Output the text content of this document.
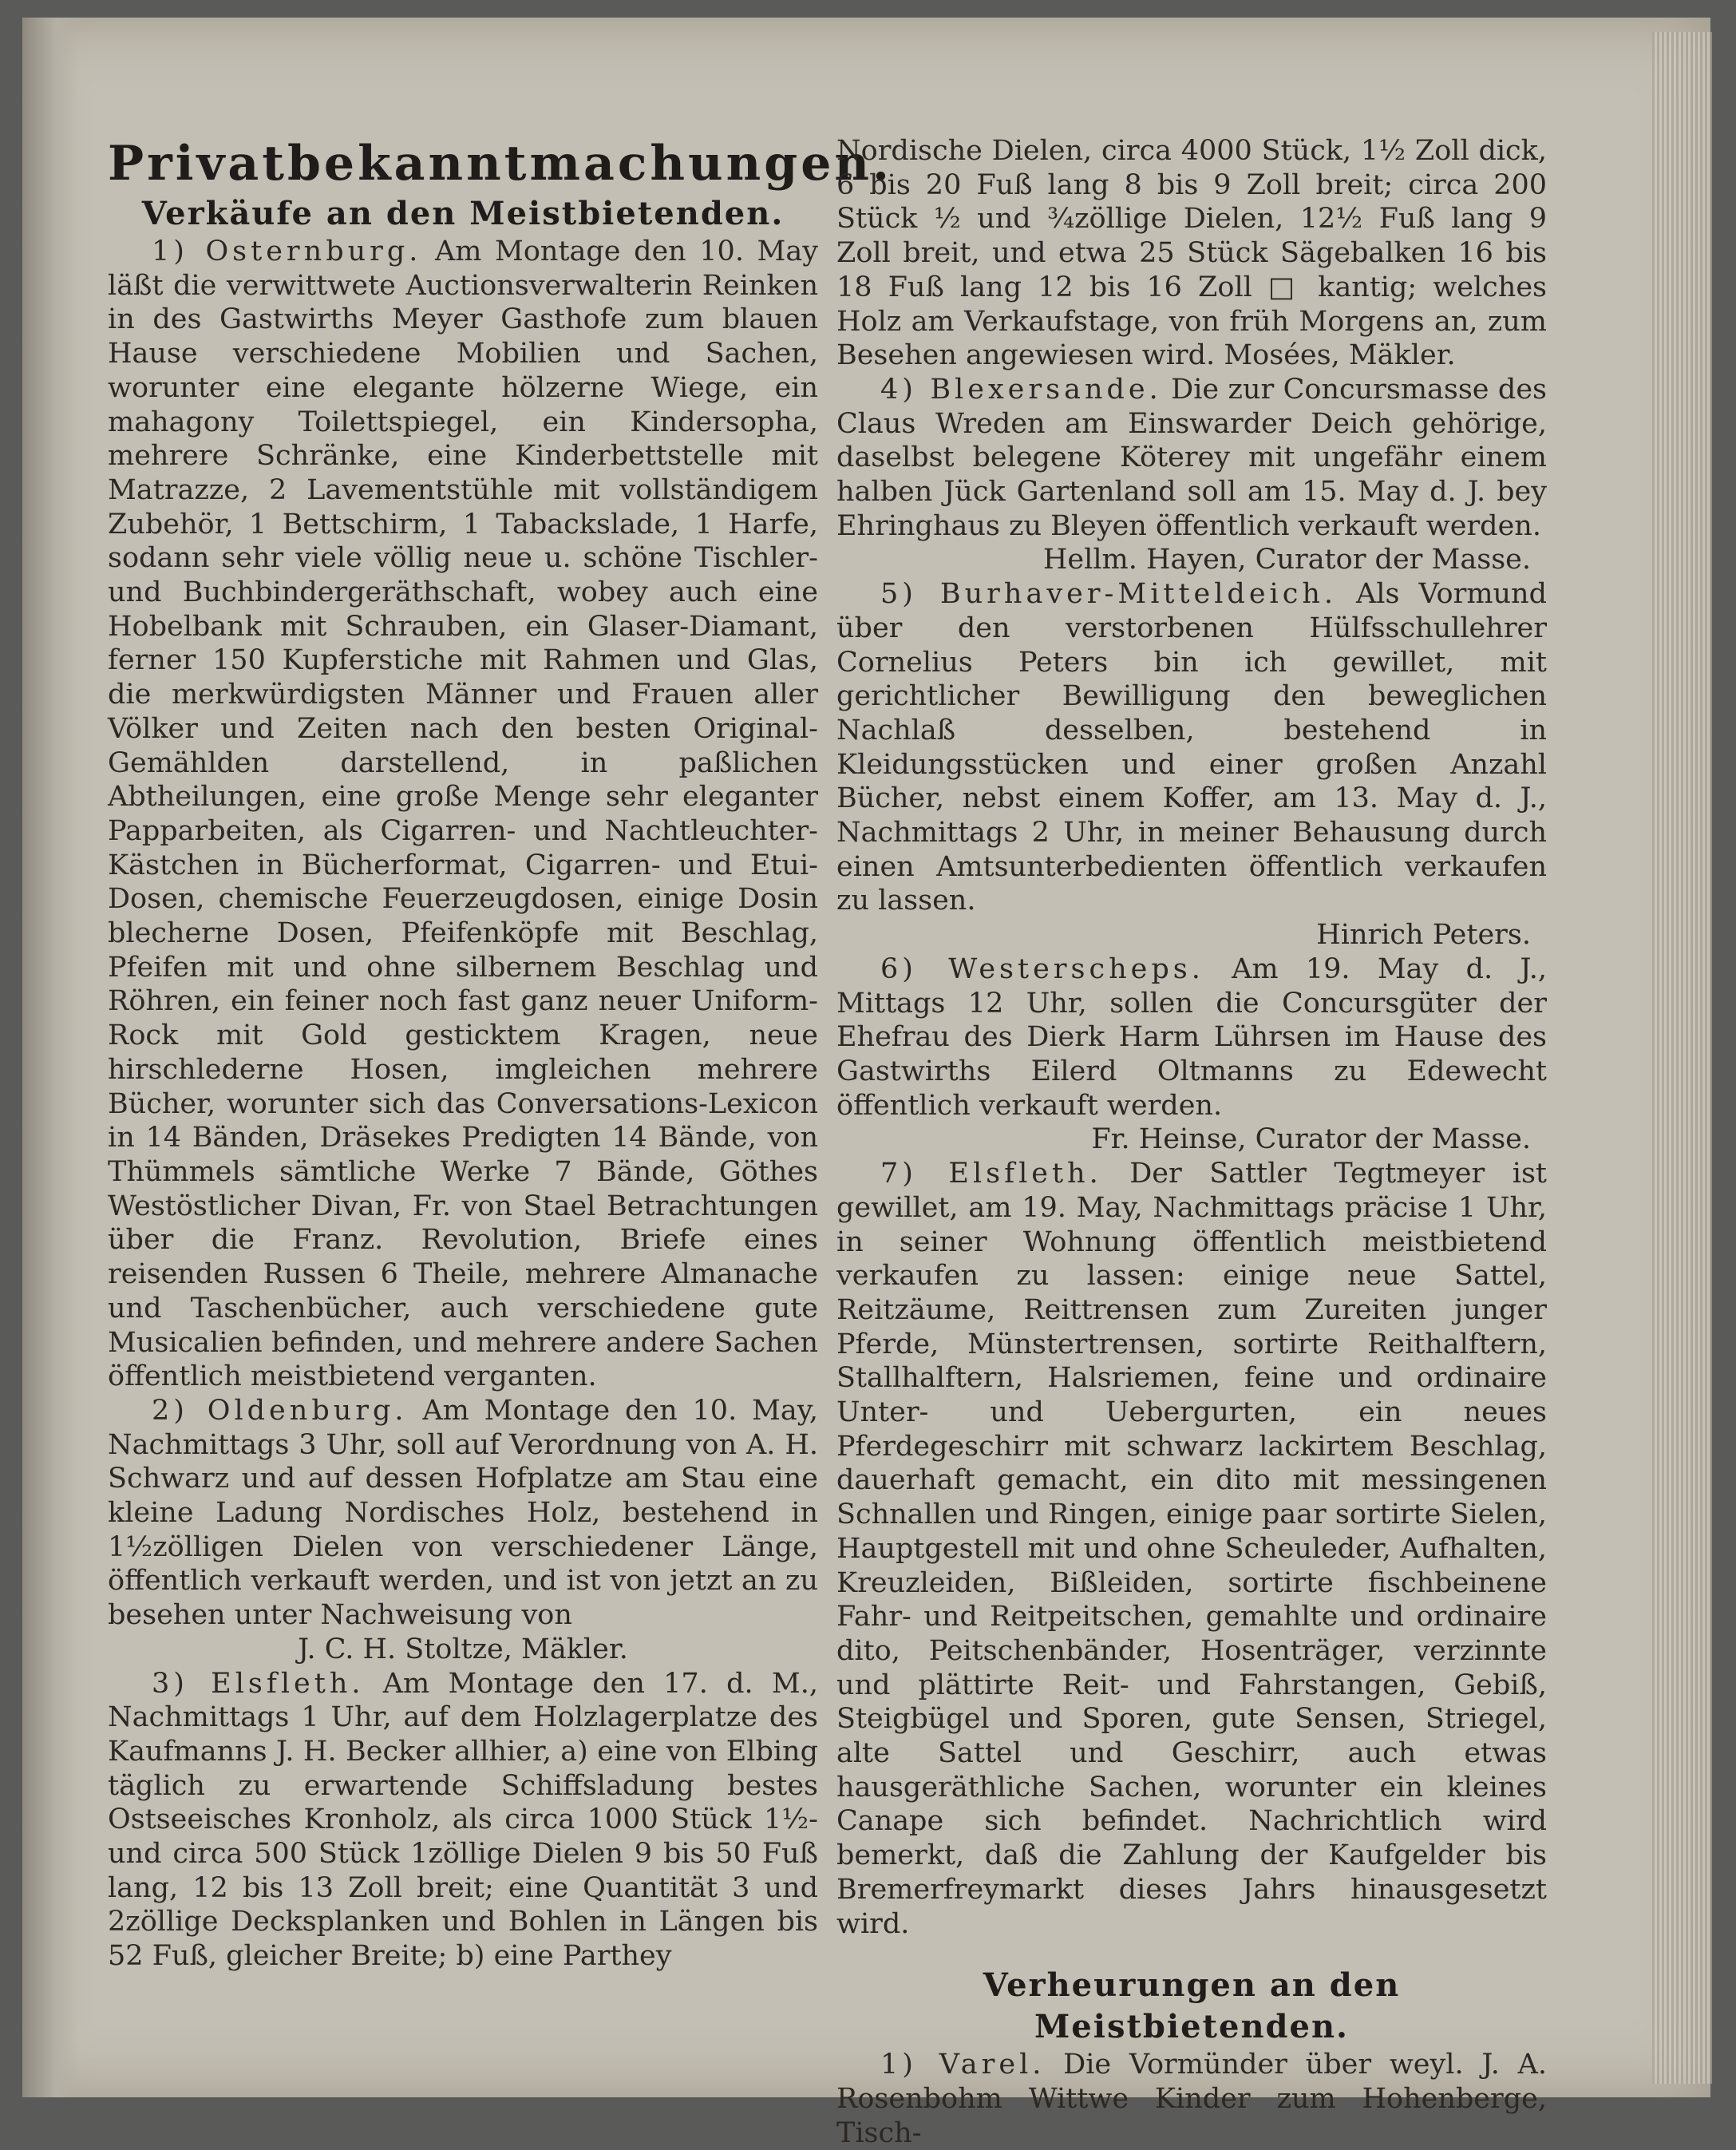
Privatbekanntmachungen.
Verkäufe an den Meistbietenden.

1) Osternburg. Am Montage den 10. May läßt die verwittwete Auctionsverwalterin Reinken in des Gastwirths Meyer Gasthofe zum blauen Hause verschiedene Mobilien und Sachen, worunter eine elegante hölzerne Wiege, ein mahagony Toilettspiegel, ein Kindersopha, mehrere Schränke, eine Kinderbettstelle mit Matrazze, 2 Lavementstühle mit vollständigem Zubehör, 1 Bettschirm, 1 Tabackslade, 1 Harfe, sodann sehr viele völlig neue u. schöne Tischler- und Buchbindergeräthschaft, wobey auch eine Hobelbank mit Schrauben, ein Glaser-Diamant, ferner 150 Kupferstiche mit Rahmen und Glas, die merkwürdigsten Männer und Frauen aller Völker und Zeiten nach den besten Original-Gemählden darstellend, in paßlichen Abtheilungen, eine große Menge sehr eleganter Papparbeiten, als Cigarren- und Nachtleuchter-Kästchen in Bücherformat, Cigarren- und Etui-Dosen, chemische Feuerzeugdosen, einige Dosin blecherne Dosen, Pfeifenköpfe mit Beschlag, Pfeifen mit und ohne silbernem Beschlag und Röhren, ein feiner noch fast ganz neuer Uniform-Rock mit Gold gesticktem Kragen, neue hirschlederne Hosen, imgleichen mehrere Bücher, worunter sich das Conversations-Lexicon in 14 Bänden, Dräsekes Predigten 14 Bände, von Thümmels sämtliche Werke 7 Bände, Göthes Westöstlicher Divan, Fr. von Stael Betrachtungen über die Franz. Revolution, Briefe eines reisenden Russen 6 Theile, mehrere Almanache und Taschenbücher, auch verschiedene gute Musicalien befinden, und mehrere andere Sachen öffentlich meistbietend verganten.

2) Oldenburg. Am Montage den 10. May, Nachmittags 3 Uhr, soll auf Verordnung von A. H. Schwarz und auf dessen Hofplatze am Stau eine kleine Ladung Nordisches Holz, bestehend in 1½zölligen Dielen von verschiedener Länge, öffentlich verkauft werden, und ist von jetzt an zu besehen unter Nachweisung von

J. C. H. Stoltze, Mäkler.

3) Elsfleth. Am Montage den 17. d. M., Nachmittags 1 Uhr, auf dem Holzlagerplatze des Kaufmanns J. H. Becker allhier, a) eine von Elbing täglich zu erwartende Schiffsladung bestes Ostseeisches Kronholz, als circa 1000 Stück 1½- und circa 500 Stück 1zöllige Dielen 9 bis 50 Fuß lang, 12 bis 13 Zoll breit; eine Quantität 3 und 2zöllige Decksplanken und Bohlen in Längen bis 52 Fuß, gleicher Breite; b) eine Parthey

Nordische Dielen, circa 4000 Stück, 1½ Zoll dick, 6 bis 20 Fuß lang 8 bis 9 Zoll breit; circa 200 Stück ½ und ¾zöllige Dielen, 12½ Fuß lang 9 Zoll breit, und etwa 25 Stück Sägebalken 16 bis 18 Fuß lang 12 bis 16 Zoll □ kantig; welches Holz am Verkaufstage, von früh Morgens an, zum Besehen angewiesen wird. Mosées, Mäkler.

4) Blexersande. Die zur Concursmasse des Claus Wreden am Einswarder Deich gehörige, daselbst belegene Köterey mit ungefähr einem halben Jück Gartenland soll am 15. May d. J. bey Ehringhaus zu Bleyen öffentlich verkauft werden.

Hellm. Hayen, Curator der Masse.

5) Burhaver-Mitteldeich. Als Vormund über den verstorbenen Hülfsschullehrer Cornelius Peters bin ich gewillet, mit gerichtlicher Bewilligung den beweglichen Nachlaß desselben, bestehend in Kleidungsstücken und einer großen Anzahl Bücher, nebst einem Koffer, am 13. May d. J., Nachmittags 2 Uhr, in meiner Behausung durch einen Amtsunterbedienten öffentlich verkaufen zu lassen.

Hinrich Peters.

6) Westerscheps. Am 19. May d. J., Mittags 12 Uhr, sollen die Concursgüter der Ehefrau des Dierk Harm Lührsen im Hause des Gastwirths Eilerd Oltmanns zu Edewecht öffentlich verkauft werden.

Fr. Heinse, Curator der Masse.

7) Elsfleth. Der Sattler Tegtmeyer ist gewillet, am 19. May, Nachmittags präcise 1 Uhr, in seiner Wohnung öffentlich meistbietend verkaufen zu lassen: einige neue Sattel, Reitzäume, Reittrensen zum Zureiten junger Pferde, Münstertrensen, sortirte Reithalftern, Stallhalftern, Halsriemen, feine und ordinaire Unter- und Uebergurten, ein neues Pferdegeschirr mit schwarz lackirtem Beschlag, dauerhaft gemacht, ein dito mit messingenen Schnallen und Ringen, einige paar sortirte Sielen, Hauptgestell mit und ohne Scheuleder, Aufhalten, Kreuzleiden, Bißleiden, sortirte fischbeinene Fahr- und Reitpeitschen, gemahlte und ordinaire dito, Peitschenbänder, Hosenträger, verzinnte und plättirte Reit- und Fahrstangen, Gebiß, Steigbügel und Sporen, gute Sensen, Striegel, alte Sattel und Geschirr, auch etwas hausgeräthliche Sachen, worunter ein kleines Canape sich befindet. Nachrichtlich wird bemerkt, daß die Zahlung der Kaufgelder bis Bremerfreymarkt dieses Jahrs hinausgesetzt wird.

Verheurungen an den Meistbietenden.

1) Varel. Die Vormünder über weyl. J. A. Rosenbohm Wittwe Kinder zum Hohenberge, Tisch-
